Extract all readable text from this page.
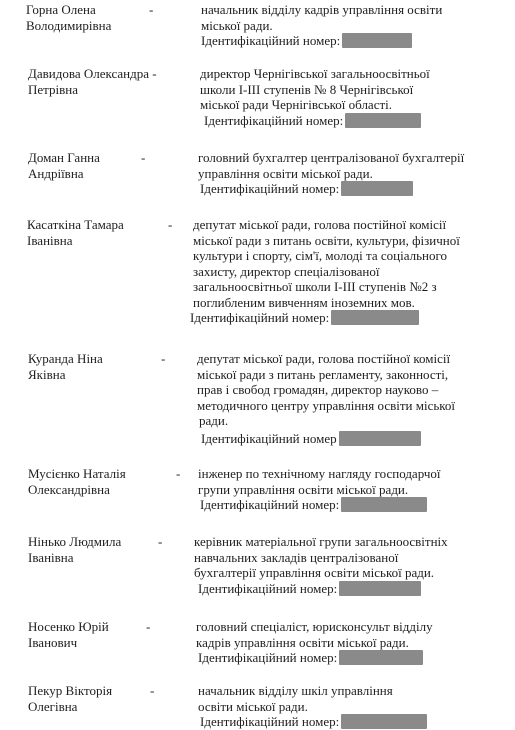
Горна Олена
Володимирівна
-	начальник відділу кадрів управління освіти
міської ради.
Ідентифікаційний номер:
Давидова Олександра -
Петрівна
директор Чернігівської загальноосвітньої
школи І-ІІІ ступенів № 8 Чернігівської
міської ради Чернігівської області.
Ідентифікаційний номер:
Доман Ганна
Андріївна
-	головний бухгалтер централізованої бухгалтерії
управління освіти міської ради.
Ідентифікаційний номер:
Касаткіна Тамара
Іванівна
- депутат міської ради, голова постійної комісії
міської ради з питань освіти, культури, фізичної
культури і спорту, сім'ї, молоді та соціального
захисту, директор спеціалізованої
загальноосвітньої школи І-ІІІ ступенів №2 з
поглибленим вивченням іноземних мов.
Ідентифікаційний номер:
Куранда Ніна
Яківна
- депутат міської ради, голова постійної комісії
міської ради з питань регламенту, законності,
прав і свобод громадян, директор науково –
методичного центру управління освіти міської
ради.
Ідентифікаційний номер
Мусієнко Наталія
Олександрівна
- інженер по технічному нагляду господарчої
групи управління освіти міської ради.
Ідентифікаційний номер:
Нінько Людмила
Іванівна
- керівник матеріальної групи загальноосвітніх
навчальних закладів централізованої
бухгалтерії управління освіти міської ради.
Ідентифікаційний номер:
Носенко Юрій
Іванович
-	головний спеціаліст, юрисконсульт відділу
кадрів управління освіти міської ради.
Ідентифікаційний номер:
Пекур Вікторія
Олегівна
-	начальник відділу шкіл управління
освіти міської ради.
Ідентифікаційний номер:
